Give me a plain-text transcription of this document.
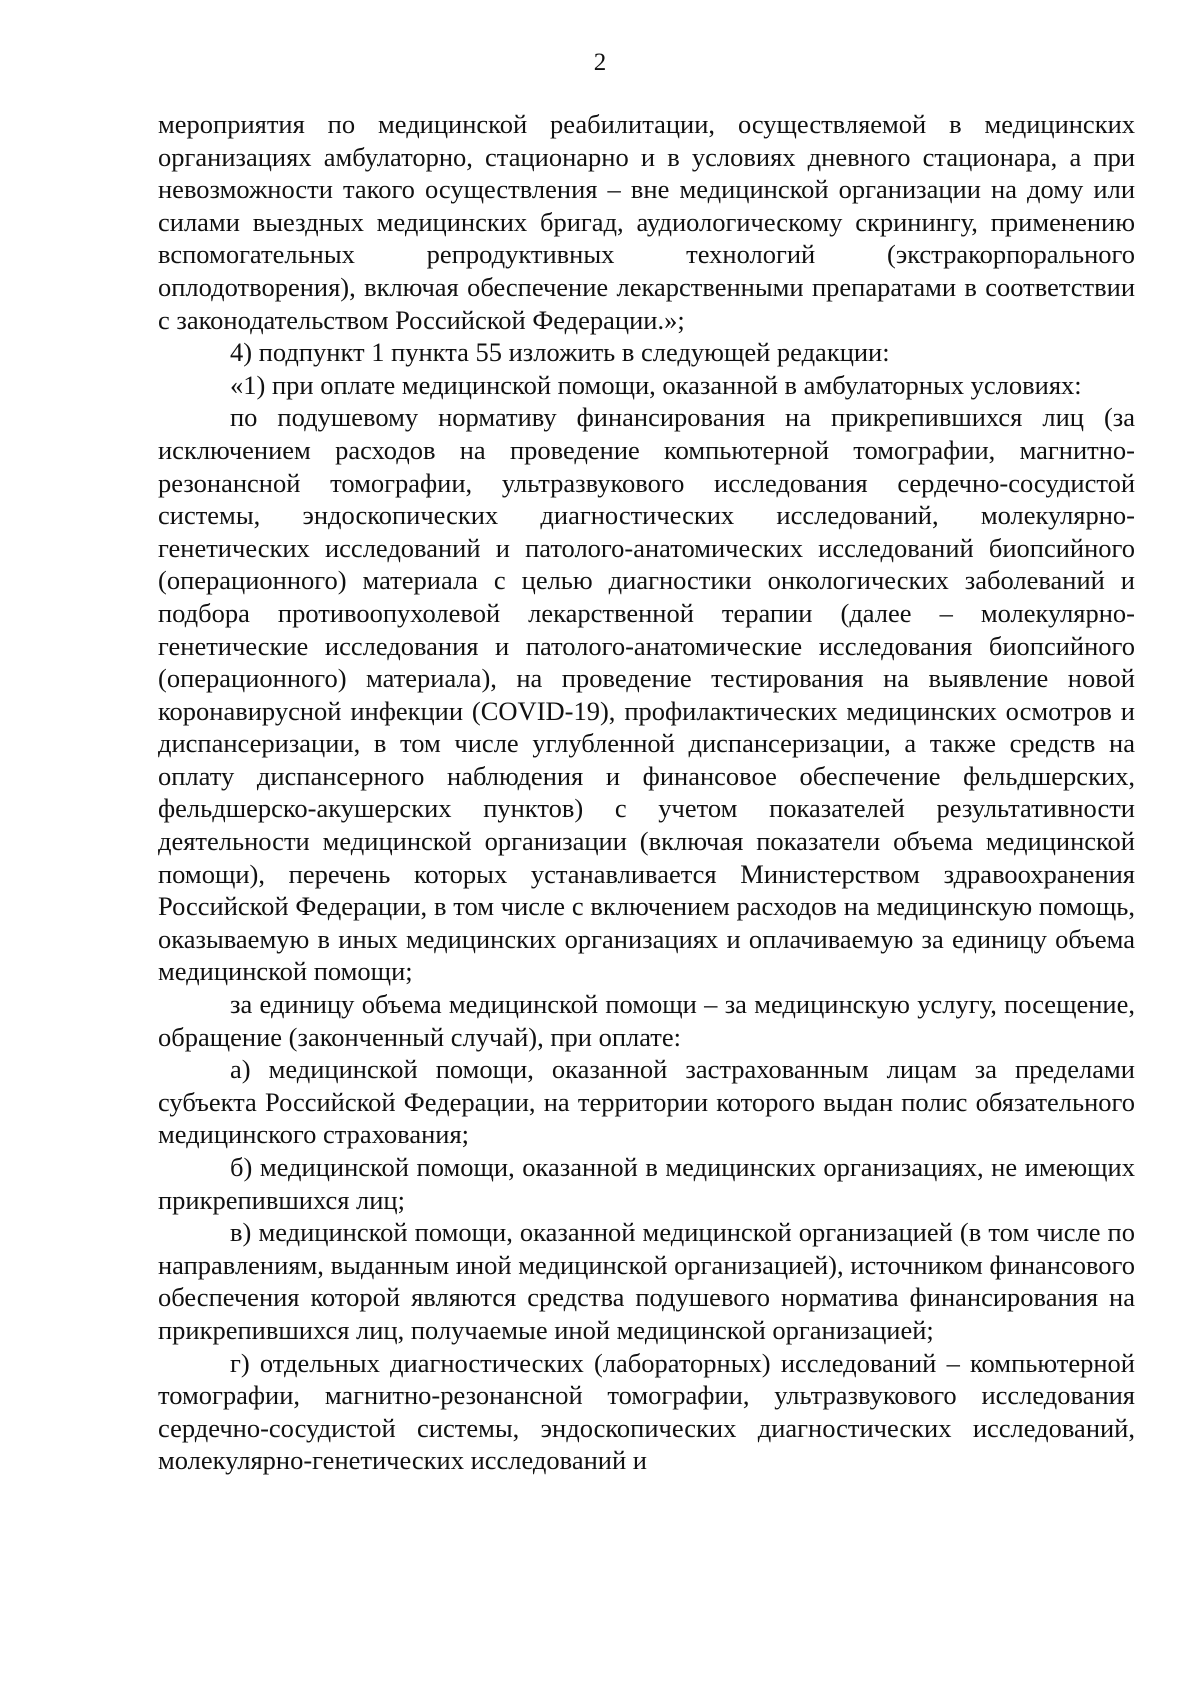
2

мероприятия по медицинской реабилитации, осуществляемой в медицинских организациях амбулаторно, стационарно и в условиях дневного стационара, а при невозможности такого осуществления – вне медицинской организации на дому или силами выездных медицинских бригад, аудиологическому скринингу, применению вспомогательных репродуктивных технологий (экстракорпорального оплодотворения), включая обеспечение лекарственными препаратами в соответствии с законодательством Российской Федерации.»;

4) подпункт 1 пункта 55 изложить в следующей редакции:

«1) при оплате медицинской помощи, оказанной в амбулаторных условиях:

по подушевому нормативу финансирования на прикрепившихся лиц (за исключением расходов на проведение компьютерной томографии, магнитно-резонансной томографии, ультразвукового исследования сердечно-сосудистой системы, эндоскопических диагностических исследований, молекулярно-генетических исследований и патолого-анатомических исследований биопсийного (операционного) материала с целью диагностики онкологических заболеваний и подбора противоопухолевой лекарственной терапии (далее – молекулярно-генетические исследования и патолого-анатомические исследования биопсийного (операционного) материала), на проведение тестирования на выявление новой коронавирусной инфекции (COVID-19), профилактических медицинских осмотров и диспансеризации, в том числе углубленной диспансеризации, а также средств на оплату диспансерного наблюдения и финансовое обеспечение фельдшерских, фельдшерско-акушерских пунктов) с учетом показателей результативности деятельности медицинской организации (включая показатели объема медицинской помощи), перечень которых устанавливается Министерством здравоохранения Российской Федерации, в том числе с включением расходов на медицинскую помощь, оказываемую в иных медицинских организациях и оплачиваемую за единицу объема медицинской помощи;

за единицу объема медицинской помощи – за медицинскую услугу, посещение, обращение (законченный случай), при оплате:

а) медицинской помощи, оказанной застрахованным лицам за пределами субъекта Российской Федерации, на территории которого выдан полис обязательного медицинского страхования;

б) медицинской помощи, оказанной в медицинских организациях, не имеющих прикрепившихся лиц;

в) медицинской помощи, оказанной медицинской организацией (в том числе по направлениям, выданным иной медицинской организацией), источником финансового обеспечения которой являются средства подушевого норматива финансирования на прикрепившихся лиц, получаемые иной медицинской организацией;

г) отдельных диагностических (лабораторных) исследований – компьютерной томографии, магнитно-резонансной томографии, ультразвукового исследования сердечно-сосудистой системы, эндоскопических диагностических исследований, молекулярно-генетических исследований и
